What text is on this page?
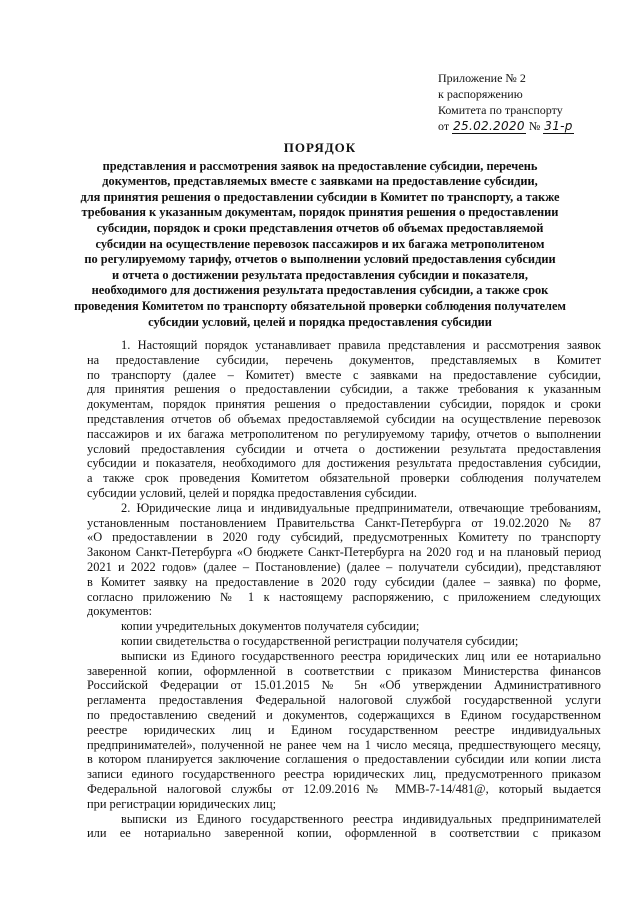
Приложение № 2
к распоряжению
Комитета по транспорту
от 25.02.2020 № 31-р
ПОРЯДОК
представления и рассмотрения заявок на предоставление субсидии, перечень
документов, представляемых вместе с заявками на предоставление субсидии,
для принятия решения о предоставлении субсидии в Комитет по транспорту, а также
требования к указанным документам, порядок принятия решения о предоставлении
субсидии, порядок и сроки представления отчетов об объемах предоставляемой
субсидии на осуществление перевозок пассажиров и их багажа метрополитеном
по регулируемому тарифу, отчетов о выполнении условий предоставления субсидии
и отчета о достижении результата предоставления субсидии и показателя,
необходимого для достижения результата предоставления субсидии, а также срок
проведения Комитетом по транспорту обязательной проверки соблюдения получателем
субсидии условий, целей и порядка предоставления субсидии
1. Настоящий порядок устанавливает правила представления и рассмотрения заявок
на предоставление субсидии, перечень документов, представляемых в Комитет
по транспорту (далее – Комитет) вместе с заявками на предоставление субсидии,
для принятия решения о предоставлении субсидии, а также требования к указанным
документам, порядок принятия решения о предоставлении субсидии, порядок и сроки
представления отчетов об объемах предоставляемой субсидии на осуществление перевозок
пассажиров и их багажа метрополитеном по регулируемому тарифу, отчетов о выполнении
условий предоставления субсидии и отчета о достижении результата предоставления
субсидии и показателя, необходимого для достижения результата предоставления субсидии,
а также срок проведения Комитетом обязательной проверки соблюдения получателем
субсидии условий, целей и порядка предоставления субсидии.
2. Юридические лица и индивидуальные предприниматели, отвечающие требованиям,
установленным постановлением Правительства Санкт-Петербурга от 19.02.2020 № 87
«О предоставлении в 2020 году субсидий, предусмотренных Комитету по транспорту
Законом Санкт-Петербурга «О бюджете Санкт-Петербурга на 2020 год и на плановый период
2021 и 2022 годов» (далее – Постановление) (далее – получатели субсидии), представляют
в Комитет заявку на предоставление в 2020 году субсидии (далее – заявка) по форме,
согласно приложению № 1 к настоящему распоряжению, с приложением следующих
документов:
копии учредительных документов получателя субсидии;
копии свидетельства о государственной регистрации получателя субсидии;
выписки из Единого государственного реестра юридических лиц или ее нотариально
заверенной копии, оформленной в соответствии с приказом Министерства финансов
Российской Федерации от 15.01.2015 № 5н «Об утверждении Административного
регламента предоставления Федеральной налоговой службой государственной услуги
по предоставлению сведений и документов, содержащихся в Едином государственном
реестре юридических лиц и Едином государственном реестре индивидуальных
предпринимателей», полученной не ранее чем на 1 число месяца, предшествующего месяцу,
в котором планируется заключение соглашения о предоставлении субсидии или копии листа
записи единого государственного реестра юридических лиц, предусмотренного приказом
Федеральной налоговой службы от 12.09.2016№ ММВ-7-14/481@, который выдается
при регистрации юридических лиц;
выписки из Единого государственного реестра индивидуальных предпринимателей
или ее нотариально заверенной копии, оформленной в соответствии с приказом
